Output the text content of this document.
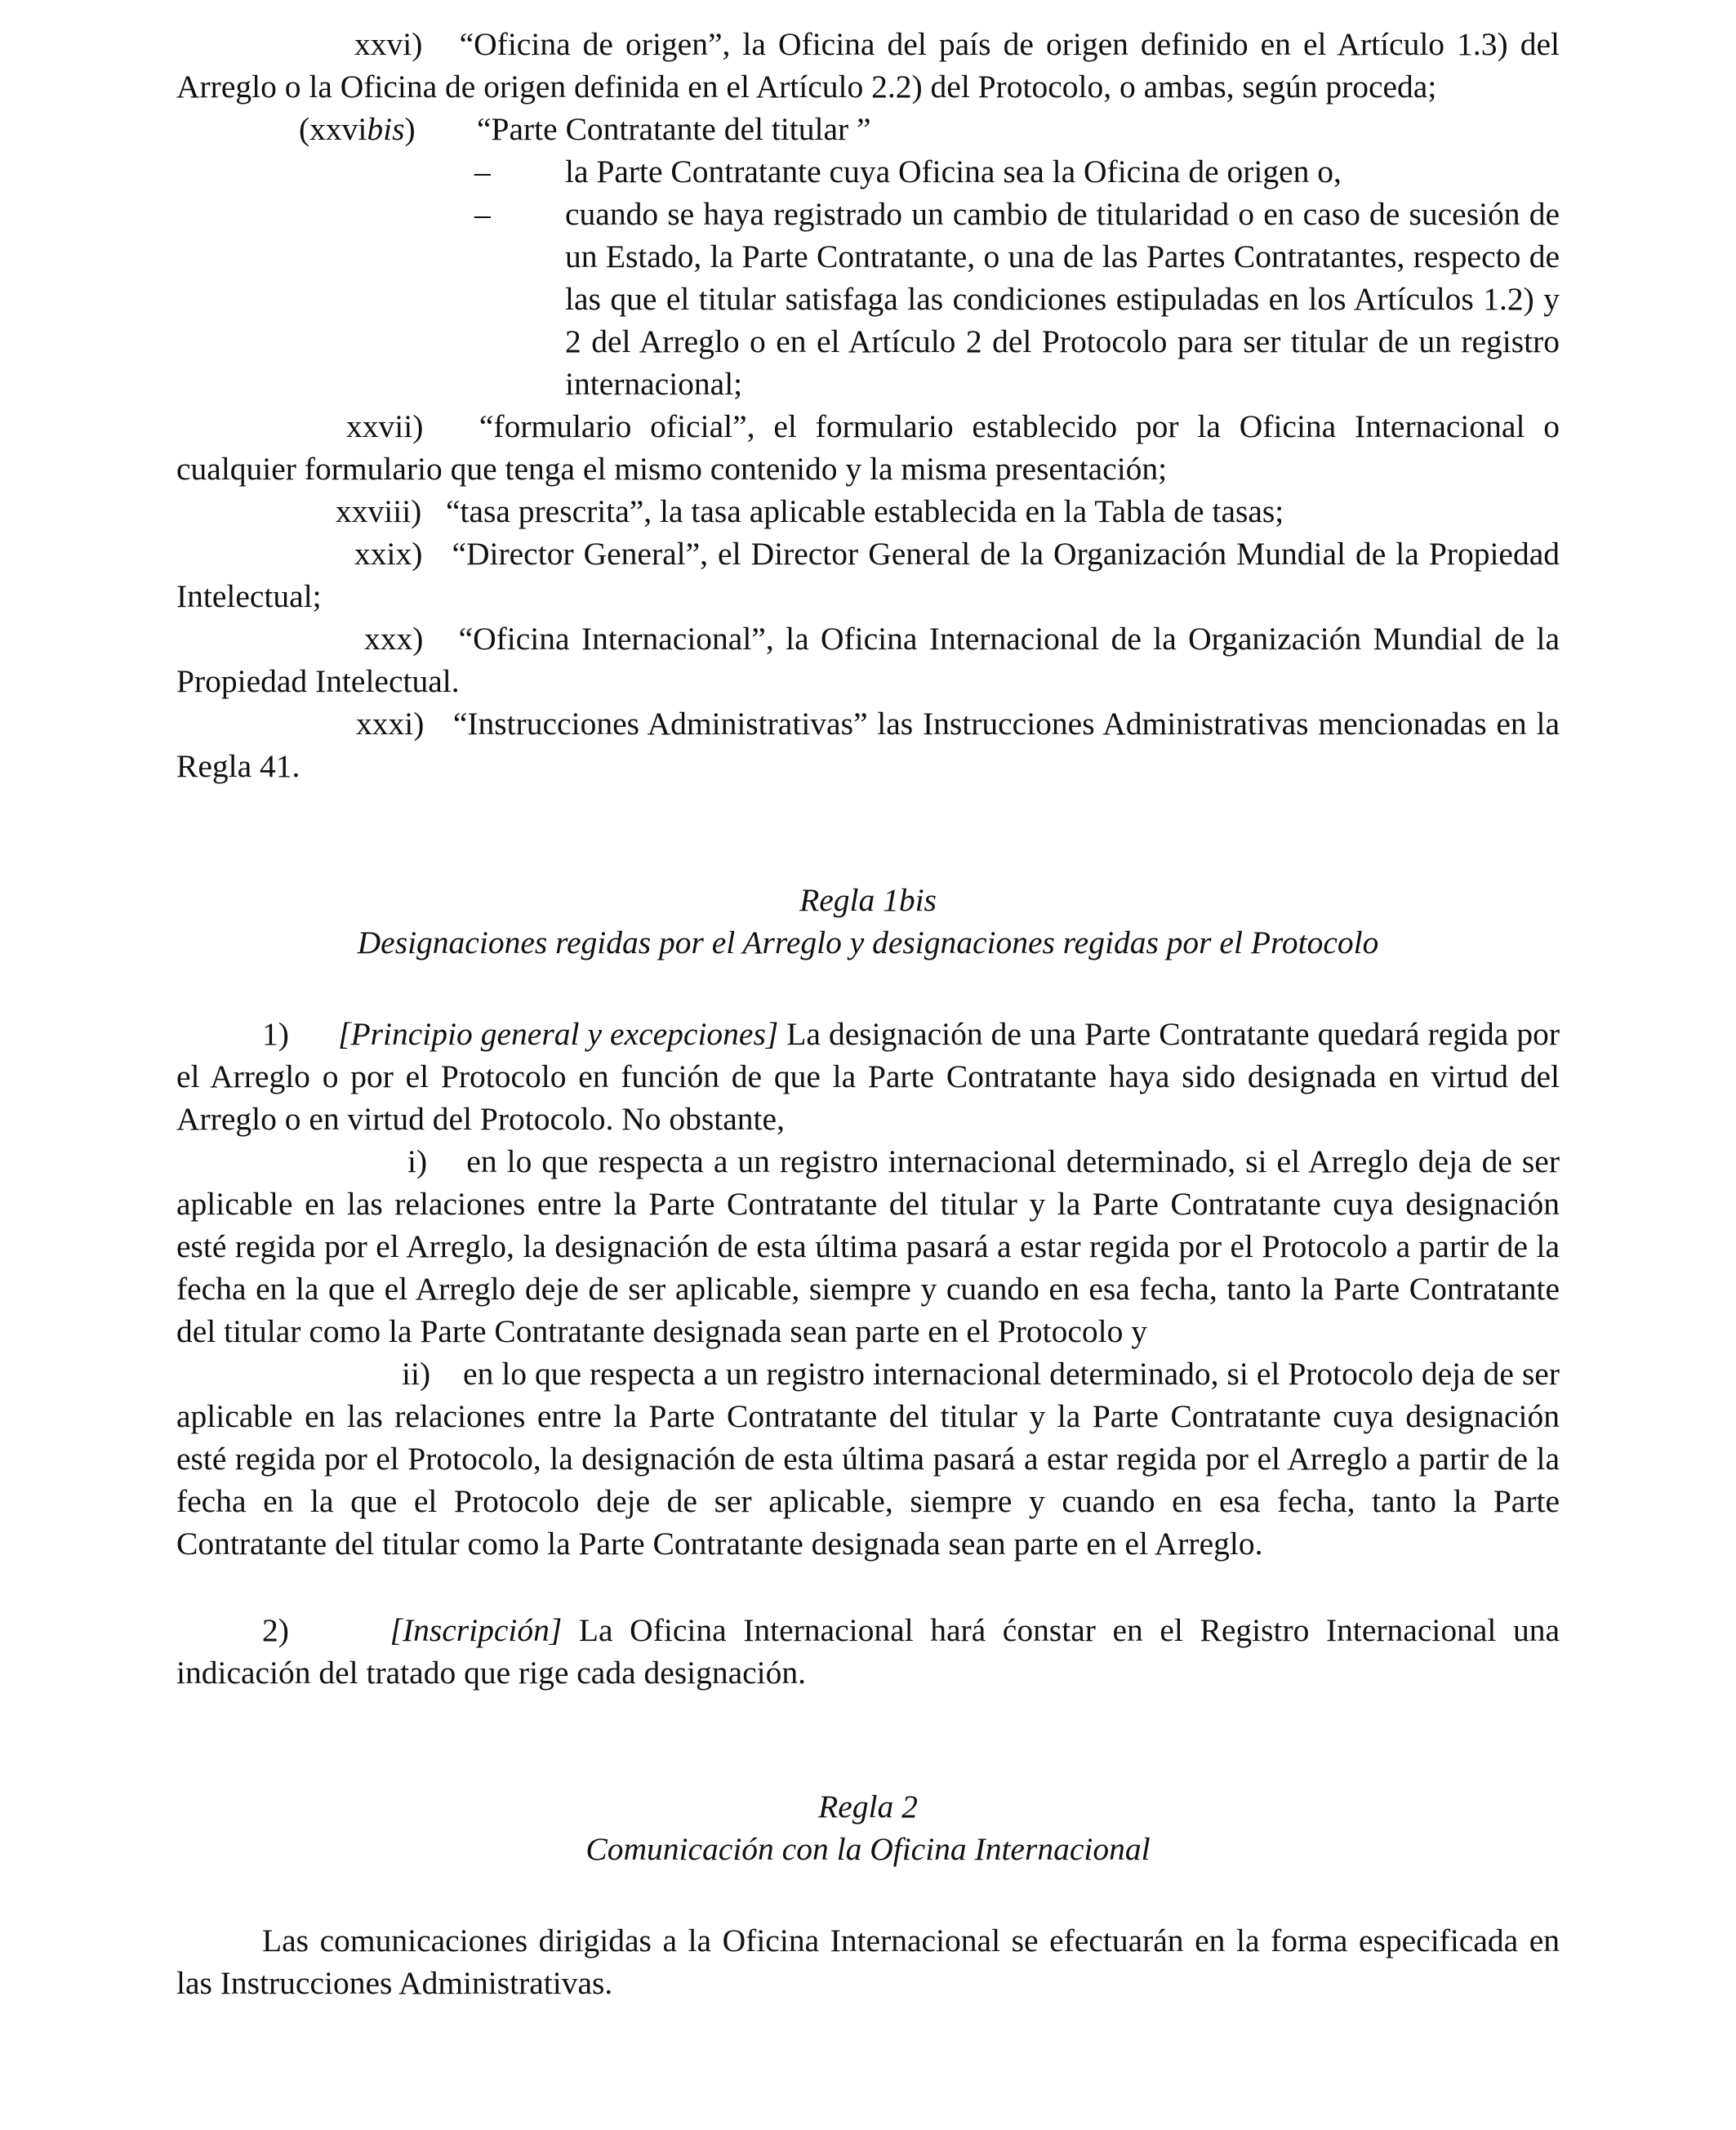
xxvi)   “Oficina de origen”, la Oficina del país de origen definido en el Artículo 1.3) del Arreglo o la Oficina de origen definida en el Artículo 2.2) del Protocolo, o ambas, según proceda;

(xxvibis) “Parte Contratante del titular ”

– la Parte Contratante cuya Oficina sea la Oficina de origen o,

– cuando se haya registrado un cambio de titularidad o en caso de sucesión de un Estado, la Parte Contratante, o una de las Partes Contratantes, respecto de las que el titular satisfaga las condiciones estipuladas en los Artículos 1.2) y 2 del Arreglo o en el Artículo 2 del Protocolo para ser titular de un registro internacional;

xxvii) “formulario oficial”, el formulario establecido por la Oficina Internacional o cualquier formulario que tenga el mismo contenido y la misma presentación;

xxviii) “tasa prescrita”, la tasa aplicable establecida en la Tabla de tasas;

xxix) “Director General”, el Director General de la Organización Mundial de la Propiedad Intelectual;

xxx) “Oficina Internacional”, la Oficina Internacional de la Organización Mundial de la Propiedad Intelectual.

xxxi) “Instrucciones Administrativas” las Instrucciones Administrativas mencionadas en la Regla 41.

Regla 1bis

Designaciones regidas por el Arreglo y designaciones regidas por el Protocolo

1) [Principio general y excepciones] La designación de una Parte Contratante quedará regida por el Arreglo o por el Protocolo en función de que la Parte Contratante haya sido designada en virtud del Arreglo o en virtud del Protocolo. No obstante,

i) en lo que respecta a un registro internacional determinado, si el Arreglo deja de ser aplicable en las relaciones entre la Parte Contratante del titular y la Parte Contratante cuya designación esté regida por el Arreglo, la designación de esta última pasará a estar regida por el Protocolo a partir de la fecha en la que el Arreglo deje de ser aplicable, siempre y cuando en esa fecha, tanto la Parte Contratante del titular como la Parte Contratante designada sean parte en el Protocolo y

ii) en lo que respecta a un registro internacional determinado, si el Protocolo deja de ser aplicable en las relaciones entre la Parte Contratante del titular y la Parte Contratante cuya designación esté regida por el Protocolo, la designación de esta última pasará a estar regida por el Arreglo a partir de la fecha en la que el Protocolo deje de ser aplicable, siempre y cuando en esa fecha, tanto la Parte Contratante del titular como la Parte Contratante designada sean parte en el Arreglo.

2)	[Inscripción] La Oficina Internacional hará ćonstar en el Registro Internacional una indicación del tratado que rige cada designación.

Regla 2

Comunicación con la Oficina Internacional

Las comunicaciones dirigidas a la Oficina Internacional se efectuarán en la forma especificada en las Instrucciones Administrativas.
